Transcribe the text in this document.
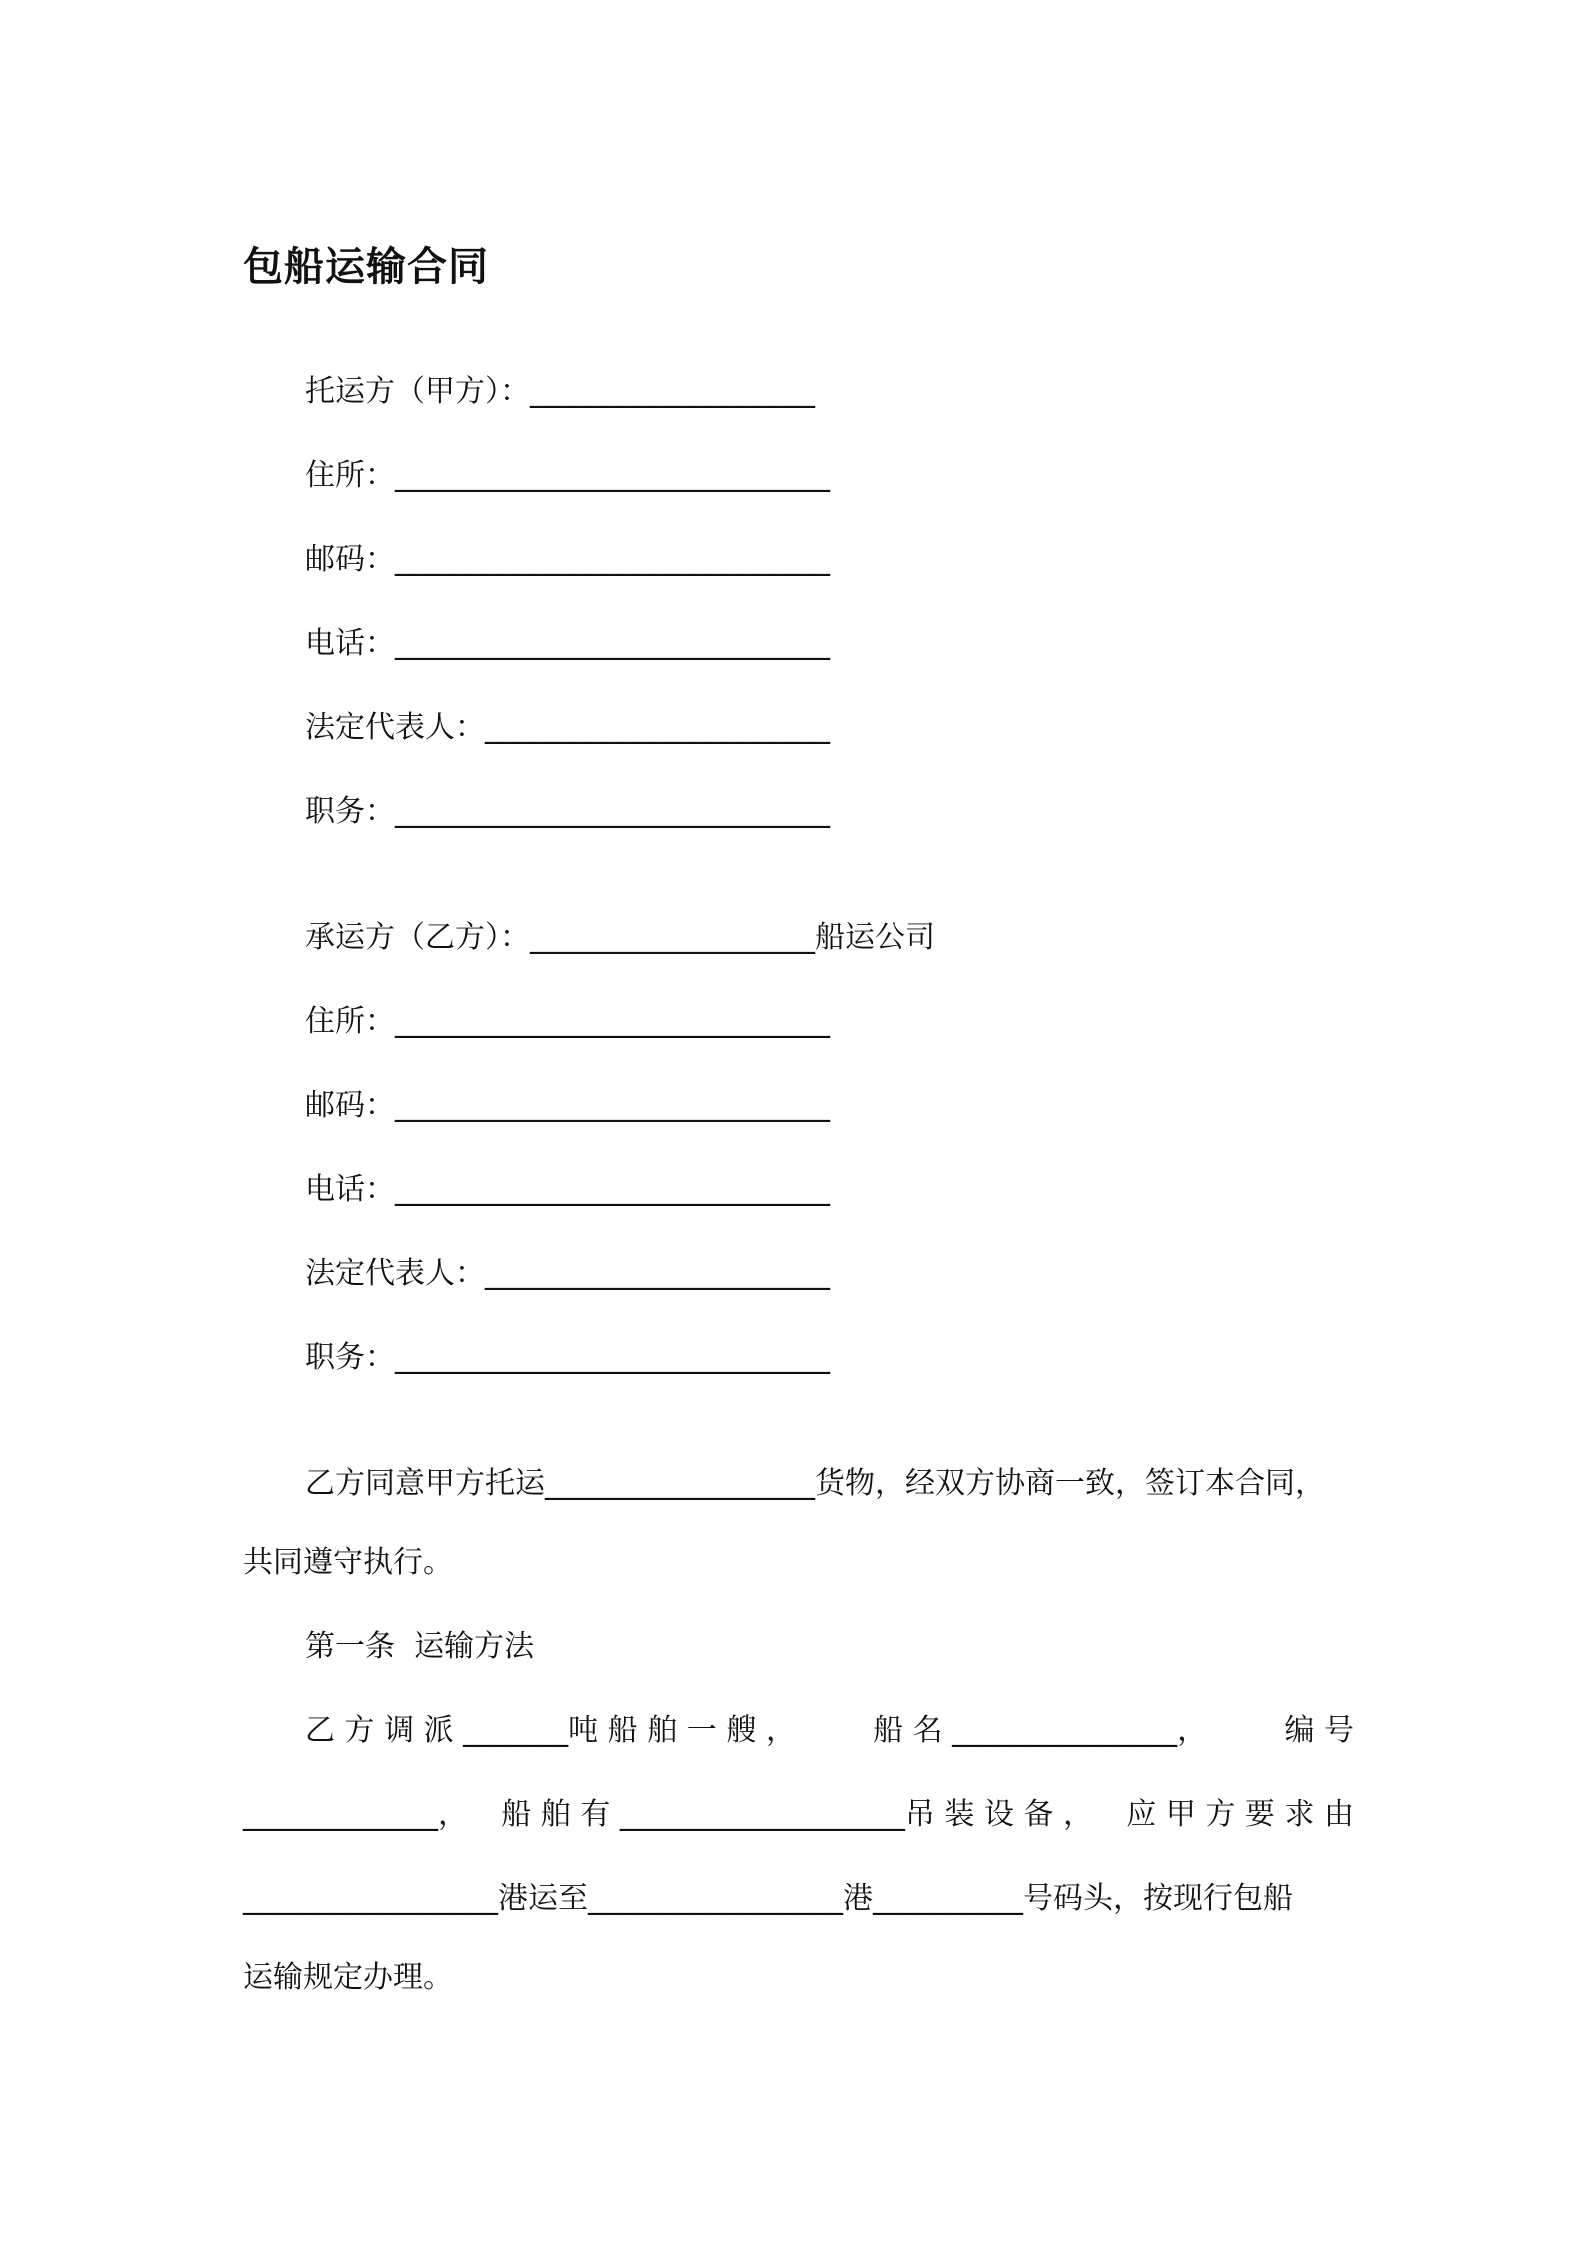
包船运输合同
托运方（甲方）：___________________
住所：_____________________________
邮码：_____________________________
电话：_____________________________
法定代表人：_______________________
职务：_____________________________
承运方（乙方）：___________________船运公司
住所：_____________________________
邮码：_____________________________
电话：_____________________________
法定代表人：_______________________
职务：_____________________________
乙方同意甲方托运__________________货物，经双方协商一致，签订本合同，
共同遵守执行。
第一条  运输方法
乙 方 调 派 _______吨 船 舶 一 艘 ，	船 名 _______________，	编 号
_____________， 船 舶 有 ___________________吊 装 设 备 ， 应 甲 方 要 求 由
_________________港运至_________________港__________号码头，按现行包船
运输规定办理。
